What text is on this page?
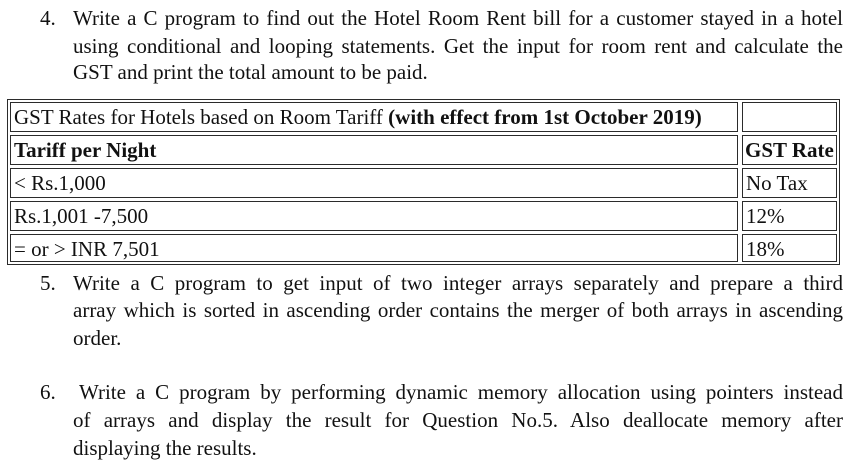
4. Write a C program to find out the Hotel Room Rent bill for a customer stayed in a hotel
using conditional and looping statements. Get the input for room rent and calculate the
GST and print the total amount to be paid.
GST Rates for Hotels based on Room Tariff (with effect from 1st October 2019)
Tariff per Night	GST Rate
< Rs.1,000	No Tax
Rs.1,001 -7,500	12%
= or > INR 7,501	18%
5. Write a C program to get input of two integer arrays separately and prepare a third
array which is sorted in ascending order contains the merger of both arrays in ascending
order.
6. Write a C program by performing dynamic memory allocation using pointers instead
of arrays and display the result for Question No.5. Also deallocate memory after
displaying the results.
